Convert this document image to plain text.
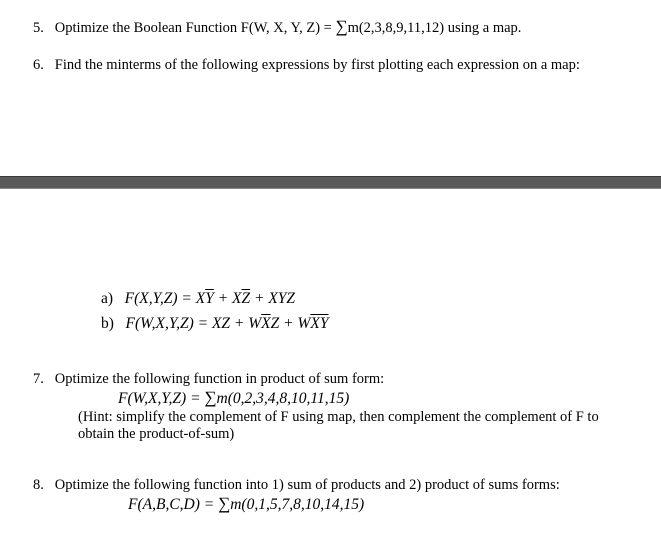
5. Optimize the Boolean Function F(W, X, Y, Z) = ∑m(2,3,8,9,11,12) using a map.
6. Find the minterms of the following expressions by first plotting each expression on a map:
a) $F(X,Y,Z) = X\overline{Y} + X\overline{Z}$ + XYZ
b) F(W,X,Y,Z) = XZ + $W\overline{X}Z + W\overline{XY}$
7. Optimize the following function in product of sum form:
F(W,X,Y,Z) = ∑m(0,2,3,4,8,10,11,15)
(Hint: simplify the complement of F using map, then complement the complement of F to
obtain the product-of-sum)
8. Optimize the following function into 1) sum of products and 2) product of sums forms:
F(A,B,C,D) = ∑m(0,1,5,7,8,10,14,15)
